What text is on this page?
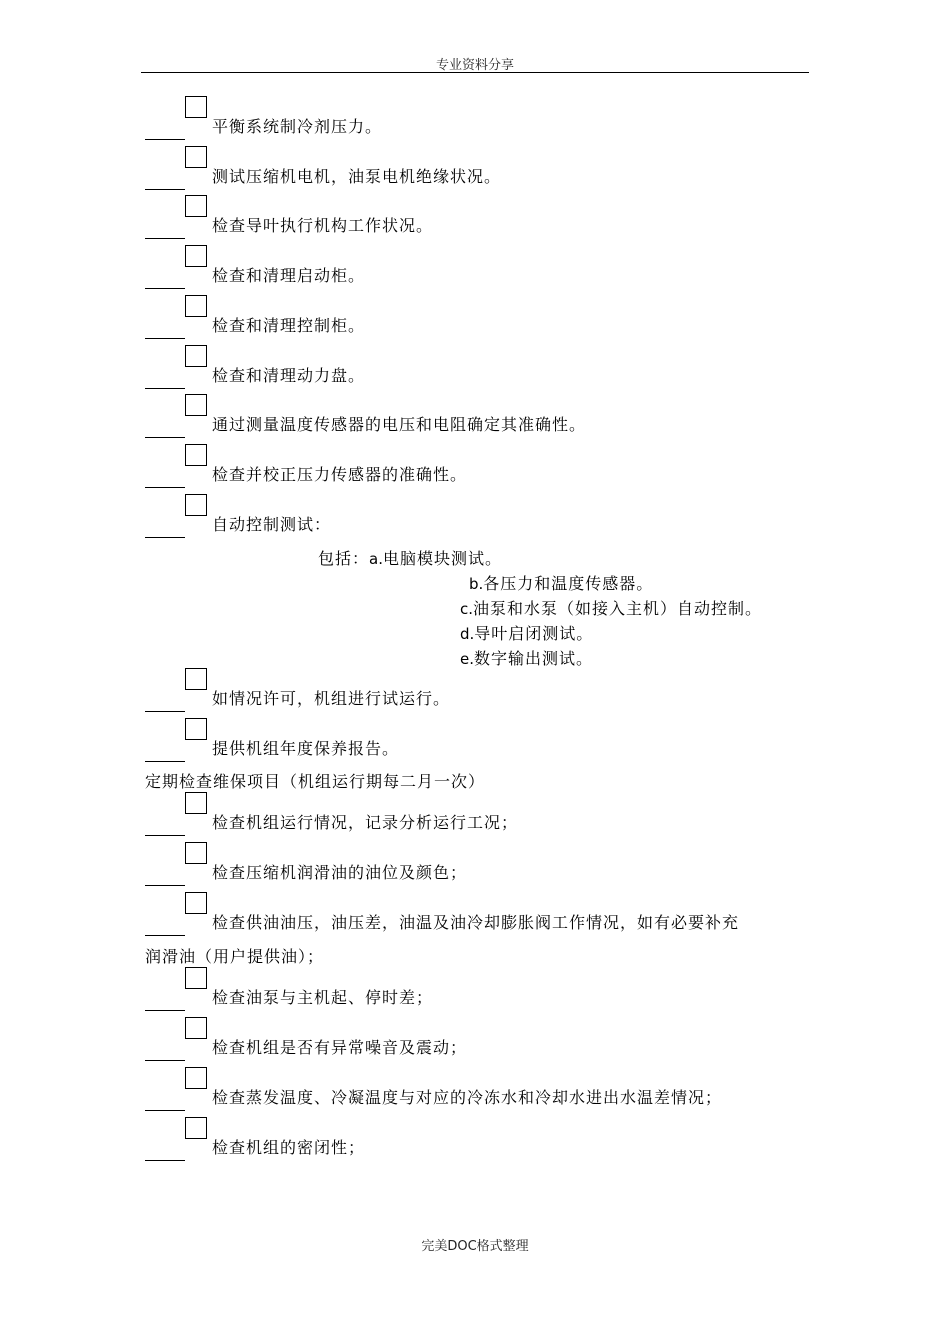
专业资料分享
平衡系统制冷剂压力。
测试压缩机电机，油泵电机绝缘状况。
检查导叶执行机构工作状况。
检查和清理启动柜。
检查和清理控制柜。
检查和清理动力盘。
通过测量温度传感器的电压和电阻确定其准确性。
检查并校正压力传感器的准确性。
自动控制测试：
包括：a.电脑模块测试。
b.各压力和温度传感器。
c.油泵和水泵（如接入主机）自动控制。
d.导叶启闭测试。
e.数字输出测试。
如情况许可，机组进行试运行。
提供机组年度保养报告。
定期检查维保项目（机组运行期每二月一次）
检查机组运行情况，记录分析运行工况；
检查压缩机润滑油的油位及颜色；
检查供油油压，油压差，油温及油冷却膨胀阀工作情况，如有必要补充
润滑油（用户提供油）；
检查油泵与主机起、停时差；
检查机组是否有异常噪音及震动；
检查蒸发温度、冷凝温度与对应的冷冻水和冷却水进出水温差情况；
检查机组的密闭性；
完美DOC格式整理
